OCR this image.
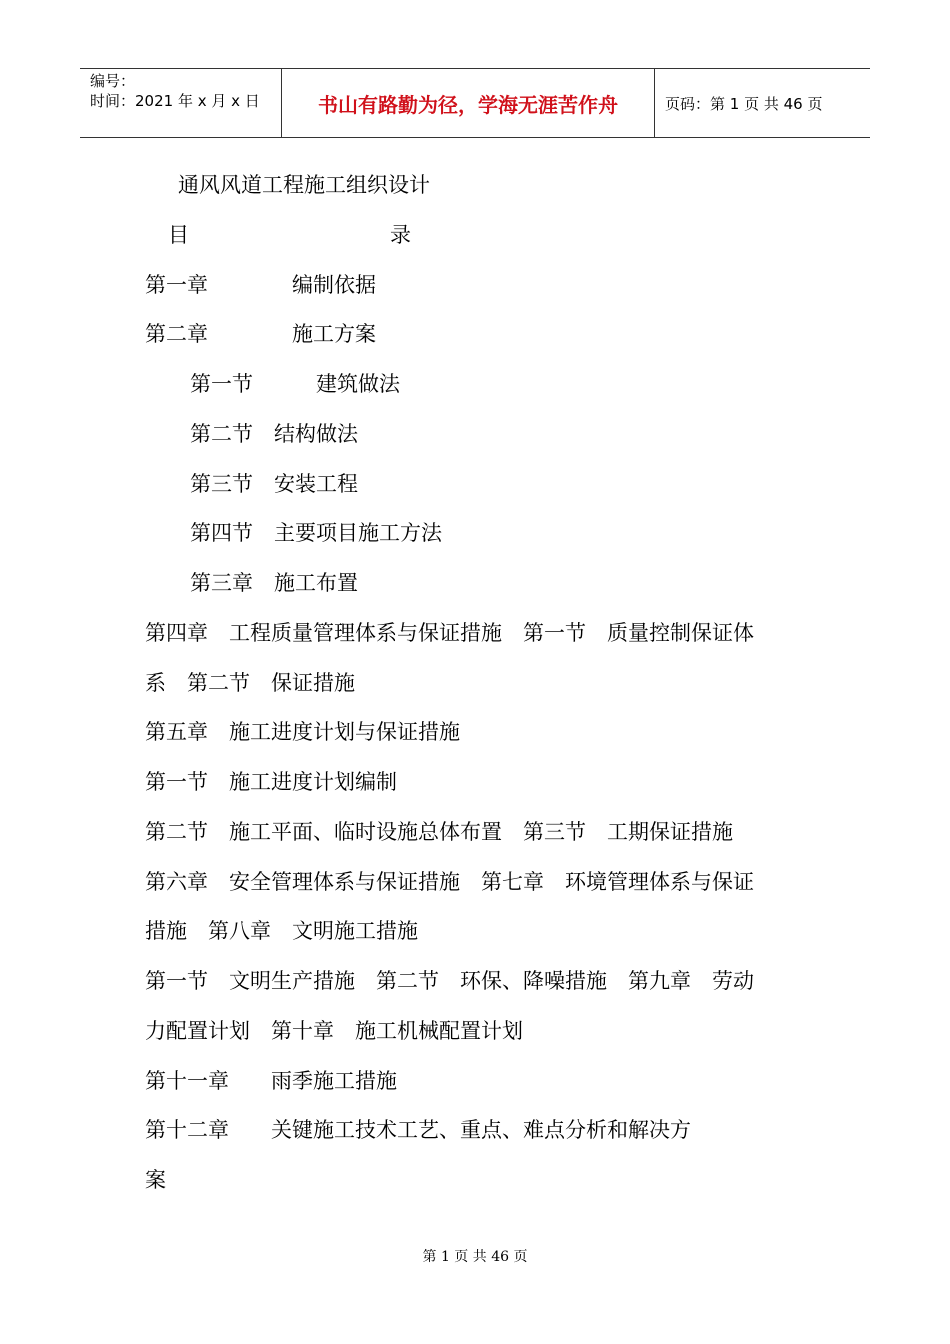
编号：
时间：2021 年 x 月 x 日	书山有路勤为径，学海无涯苦作舟	页码：第 1 页 共 46 页
通风风道工程施工组织设计
目	录
第一章　　　　编制依据
第二章　　　　施工方案
第一节　　　建筑做法
第二节　结构做法
第三节　安装工程
第四节　主要项目施工方法
第三章　施工布置
第四章　工程质量管理体系与保证措施　第一节　质量控制保证体
系　第二节　保证措施
第五章　施工进度计划与保证措施
第一节　施工进度计划编制
第二节　施工平面、临时设施总体布置　第三节　工期保证措施
第六章　安全管理体系与保证措施　第七章　环境管理体系与保证
措施　第八章　文明施工措施
第一节　文明生产措施　第二节　环保、降噪措施　第九章　劳动
力配置计划　第十章　施工机械配置计划
第十一章　　雨季施工措施
第十二章　　关键施工技术工艺、重点、难点分析和解决方
案
第 1 页 共 46 页
